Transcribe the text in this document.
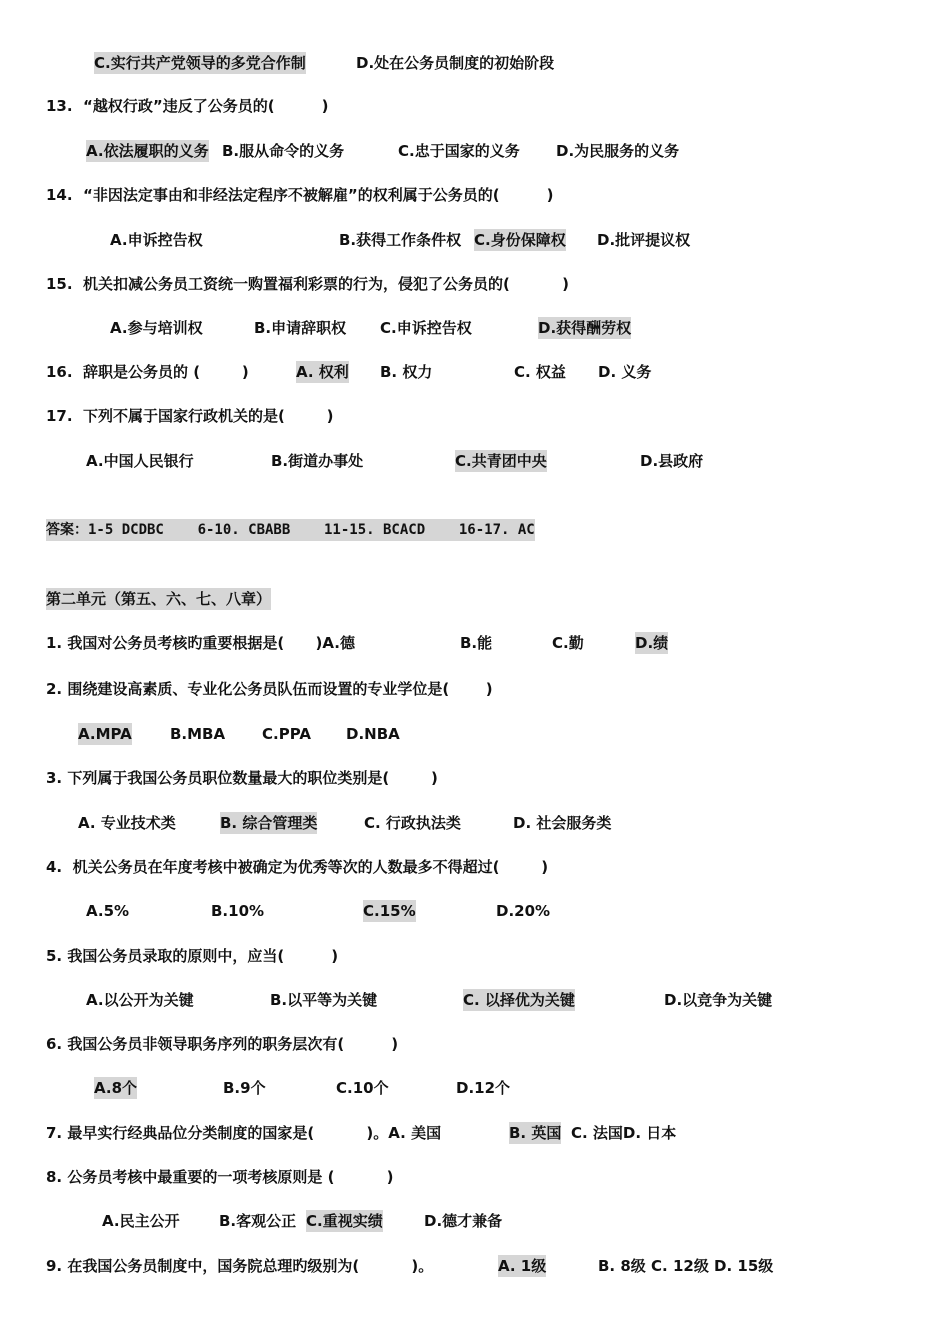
C.实行共产党领导的多党合作制	D.处在公务员制度的初始阶段
13.  “越权行政”违反了公务员的(         )
A.依法履职的义务 B.服从命令的义务	C.忠于国家的义务 D.为民服务的义务
14.  “非因法定事由和非经法定程序不被解雇”的权利属于公务员的(         )
A.申诉控告权	B.获得工作条件权 C.身份保障权 D.批评提议权
15.  机关扣减公务员工资统一购置福利彩票的行为，侵犯了公务员的(          )
A.参与培训权	B.申请辞职权 C.申诉控告权	D.获得酬劳权
16.  辞职是公务员的 (        )	A. 权利 B. 权力	C. 权益 D. 义务
17.  下列不属于国家行政机关的是(        )
A.中国人民银行	B.街道办事处	C.共青团中央	D.县政府
答案：1-5 DCDBC    6-10. CBABB    11-15. BCACD    16-17. AC
第二单元（第五、六、七、八章）
1. 我国对公务员考核旳重要根据是(      )A.德	B.能	C.勤	D.绩
2. 围绕建设高素质、专业化公务员队伍而设置的专业学位是(       )
A.MPA	B.MBA C.PPA D.NBA
3. 下列属于我国公务员职位数量最大的职位类别是(        )
A. 专业技术类	B. 综合管理类	C. 行政执法类	D. 社会服务类
4.  机关公务员在年度考核中被确定为优秀等次的人数最多不得超过(        )
A.5%	B.10%	C.15%	D.20%
5. 我国公务员录取的原则中，应当(         )
A.以公开为关键	B.以平等为关键	C. 以择优为关键	D.以竞争为关键
6. 我国公务员非领导职务序列的职务层次有(         )
A.8个	B.9个	C.10个	D.12个
7. 最早实行经典品位分类制度的国家是(          )。A. 美国	B. 英国 C. 法国D. 日本
8. 公务员考核中最重要的一项考核原则是 (          )
A.民主公开	B.客观公正 C.重视实绩	D.德才兼备
9. 在我国公务员制度中，国务院总理旳级别为(          )。	A. 1级	B. 8级 C. 12级 D. 15级
